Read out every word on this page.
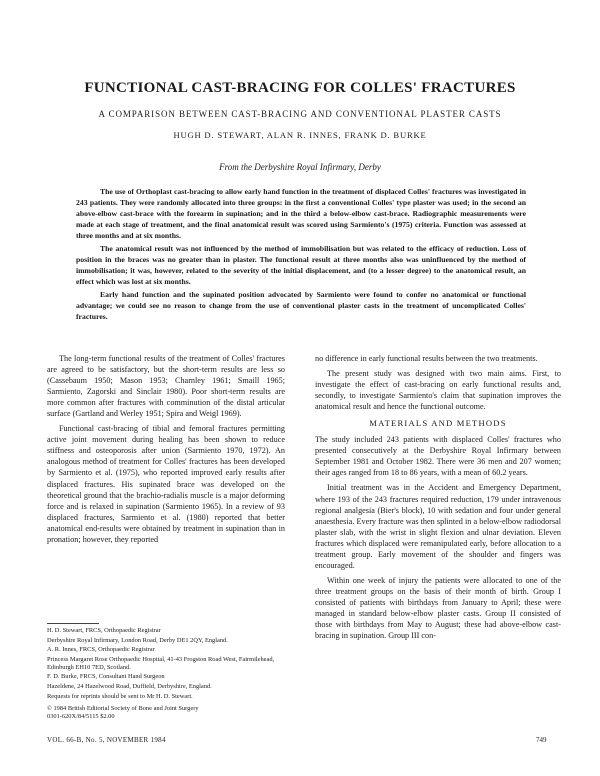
FUNCTIONAL CAST-BRACING FOR COLLES' FRACTURES
A COMPARISON BETWEEN CAST-BRACING AND CONVENTIONAL PLASTER CASTS
HUGH D. STEWART, ALAN R. INNES, FRANK D. BURKE
From the Derbyshire Royal Infirmary, Derby

The use of Orthoplast cast-bracing to allow early hand function in the treatment of displaced Colles' fractures was investigated in 243 patients. They were randomly allocated into three groups: in the first a conventional Colles' type plaster was used; in the second an above-elbow cast-brace with the forearm in supination; and in the third a below-elbow cast-brace. Radiographic measurements were made at each stage of treatment, and the final anatomical result was scored using Sarmiento's (1975) criteria. Function was assessed at three months and at six months.

The anatomical result was not influenced by the method of immobilisation but was related to the efficacy of reduction. Loss of position in the braces was no greater than in plaster. The functional result at three months also was uninfluenced by the method of immobilisation; it was, however, related to the severity of the initial displacement, and (to a lesser degree) to the anatomical result, an effect which was lost at six months.

Early hand function and the supinated position advocated by Sarmiento were found to confer no anatomical or functional advantage; we could see no reason to change from the use of conventional plaster casts in the treatment of uncomplicated Colles' fractures.

The long-term functional results of the treatment of Colles' fractures are agreed to be satisfactory, but the short-term results are less so (Cassebaum 1950; Mason 1953; Charnley 1961; Smaill 1965; Sarmiento, Zagorski and Sinclair 1980). Poor short-term results are more common after fractures with comminution of the distal articular surface (Gartland and Werley 1951; Spira and Weigl 1969).

Functional cast-bracing of tibial and femoral fractures permitting active joint movement during healing has been shown to reduce stiffness and osteoporosis after union (Sarmiento 1970, 1972). An analogous method of treatment for Colles' fractures has been developed by Sarmiento et al. (1975), who reported improved early results after displaced fractures. His supinated brace was developed on the theoretical ground that the brachio-radialis muscle is a major deforming force and is relaxed in supination (Sarmiento 1965). In a review of 93 displaced fractures, Sarmiento et al. (1980) reported that better anatomical end-results were obtained by treatment in supination than in pronation; however, they reported

no difference in early functional results between the two treatments.

The present study was designed with two main aims. First, to investigate the effect of cast-bracing on early functional results and, secondly, to investigate Sarmiento's claim that supination improves the anatomical result and hence the functional outcome.

MATERIALS AND METHODS

The study included 243 patients with displaced Colles' fractures who presented consecutively at the Derbyshire Royal Infirmary between September 1981 and October 1982. There were 36 men and 207 women; their ages ranged from 18 to 86 years, with a mean of 60.2 years.

Initial treatment was in the Accident and Emergency Department, where 193 of the 243 fractures required reduction, 179 under intravenous regional analgesia (Bier's block), 10 with sedation and four under general anaesthesia. Every fracture was then splinted in a below-elbow radiodorsal plaster slab, with the wrist in slight flexion and ulnar deviation. Eleven fractures which displaced were remanipulated early, before allocation to a treatment group. Early movement of the shoulder and fingers was encouraged.

Within one week of injury the patients were allocated to one of the three treatment groups on the basis of their month of birth. Group I consisted of patients with birthdays from January to April; these were managed in standard below-elbow plaster casts. Group II consisted of those with birthdays from May to August; these had above-elbow cast-bracing in supination. Group III con-

H. D. Stewart, FRCS, Orthopaedic Registrar
Derbyshire Royal Infirmary, London Road, Derby DE1 2QY, England.
A. R. Innes, FRCS, Orthopaedic Registrar
Princess Margaret Rose Orthopaedic Hospital, 41-43 Frogston Road West, Fairmilehead, Edinburgh EH10 7ED, Scotland.
F. D. Burke, FRCS, Consultant Hand Surgeon
Hazeldene, 24 Hazelwood Road, Duffield, Derbyshire, England.
Requests for reprints should be sent to Mr H. D. Stewart.
© 1984 British Editorial Society of Bone and Joint Surgery
0301-620X/84/5115 $2.00
VOL. 66-B, No. 5, NOVEMBER 1984	749
